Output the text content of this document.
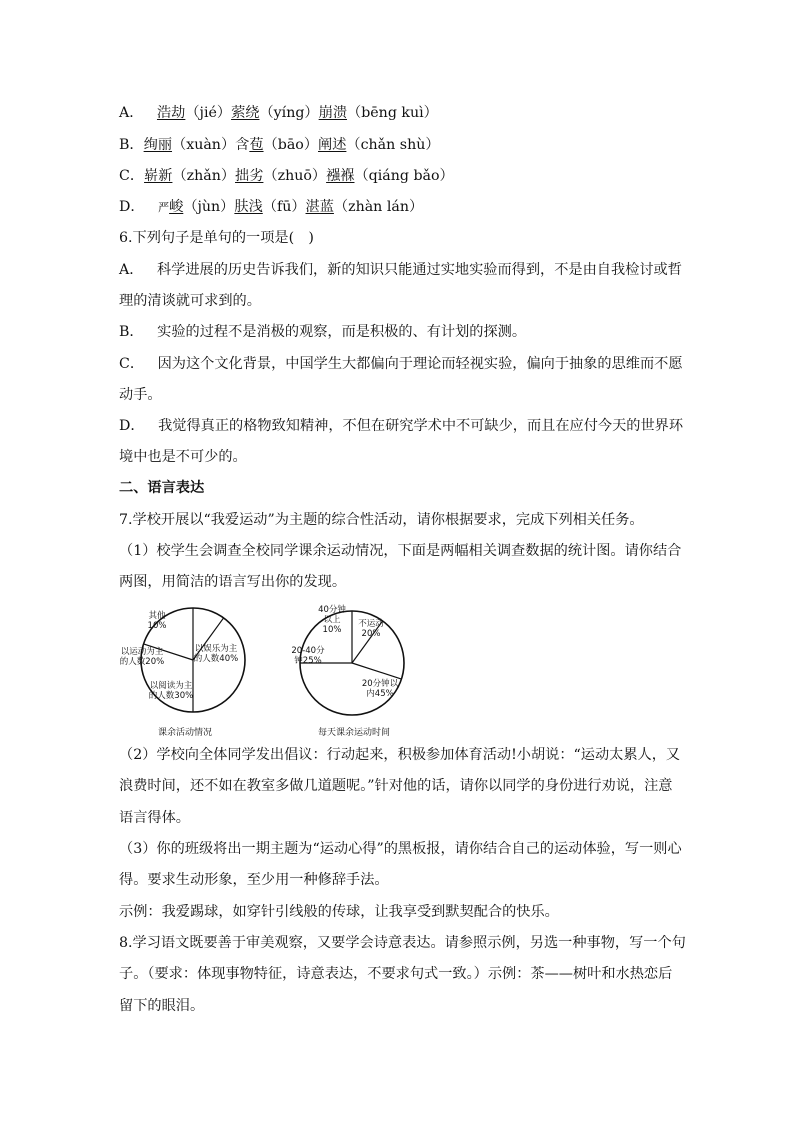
A． 浩劫（jié）萦绕（yíng）崩溃（bēng kuì）
B．绚丽（xuàn）含苞（bāo）阐述（chǎn shù）
C．崭新（zhǎn）拙劣（zhuō）襁褓（qiáng bǎo）
D． 严峻（jùn）肤浅（fū）湛蓝（zhàn lán）
6.下列句子是单句的一项是(　)
A． 科学进展的历史告诉我们，新的知识只能通过实地实验而得到，不是由自我检讨或哲
理的清谈就可求到的。
B． 实验的过程不是消极的观察，而是积极的、有计划的探测。
C． 因为这个文化背景，中国学生大都偏向于理论而轻视实验，偏向于抽象的思维而不愿
动手。
D． 我觉得真正的格物致知精神，不但在研究学术中不可缺少，而且在应付今天的世界环
境中也是不可少的。
二、语言表达
7.学校开展以“我爱运动”为主题的综合性活动，请你根据要求，完成下列相关任务。
（1）校学生会调查全校同学课余运动情况，下面是两幅相关调查数据的统计图。请你结合
两图，用简洁的语言写出你的发现。
其他 10%
以娱乐为主的人数40%
以阅读为主的人数30%
以运动为主的人数20%
课余活动情况
40分钟以上 10%
不运动 20%
20分钟以内45%
20-40分钟25%
每天课余运动时间
（2）学校向全体同学发出倡议：行动起来，积极参加体育活动!小胡说：“运动太累人，又
浪费时间，还不如在教室多做几道题呢。”针对他的话，请你以同学的身份进行劝说，注意
语言得体。
（3）你的班级将出一期主题为“运动心得”的黑板报，请你结合自己的运动体验，写一则心
得。要求生动形象，至少用一种修辞手法。
示例：我爱踢球，如穿针引线般的传球，让我享受到默契配合的快乐。
8.学习语文既要善于审美观察，又要学会诗意表达。请参照示例，另选一种事物，写一个句
子。（要求：体现事物特征，诗意表达，不要求句式一致。）示例：茶——树叶和水热恋后
留下的眼泪。
